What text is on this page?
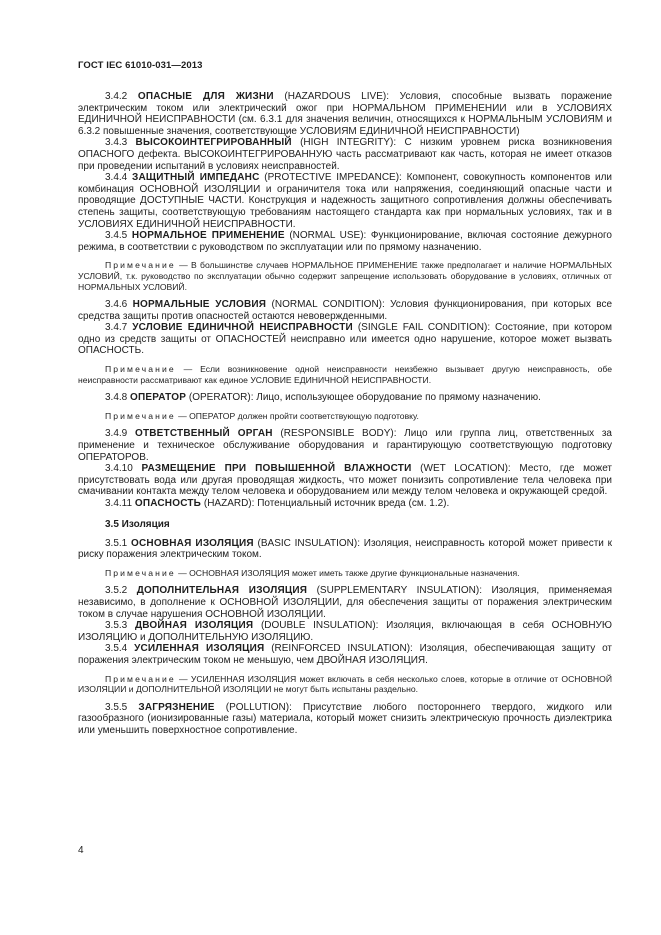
ГОСТ IEC 61010-031—2013

3.4.2 ОПАСНЫЕ ДЛЯ ЖИЗНИ (HAZARDOUS LIVE): Условия, способные вызвать поражение электрическим током или электрический ожог при НОРМАЛЬНОМ ПРИМЕНЕНИИ или в УСЛОВИЯХ ЕДИНИЧНОЙ НЕИСПРАВНОСТИ (см. 6.3.1 для значения величин, относящихся к НОРМАЛЬНЫМ УСЛОВИЯМ и 6.3.2 повышенные значения, соответствующие УСЛОВИЯМ ЕДИНИЧНОЙ НЕИСПРАВНОСТИ)

3.4.3 ВЫСОКОИНТЕГРИРОВАННЫЙ (HIGH INTEGRITY): С низким уровнем риска возникновения ОПАСНОГО дефекта. ВЫСОКОИНТЕГРИРОВАННУЮ часть рассматривают как часть, которая не имеет отказов при проведении испытаний в условиях неисправностей.

3.4.4 ЗАЩИТНЫЙ ИМПЕДАНС (PROTECTIVE IMPEDANCE): Компонент, совокупность компонентов или комбинация ОСНОВНОЙ ИЗОЛЯЦИИ и ограничителя тока или напряжения, соединяющий опасные части и проводящие ДОСТУПНЫЕ ЧАСТИ. Конструкция и надежность защитного сопротивления должны обеспечивать степень защиты, соответствующую требованиям настоящего стандарта как при нормальных условиях, так и в УСЛОВИЯХ ЕДИНИЧНОЙ НЕИСПРАВНОСТИ.

3.4.5 НОРМАЛЬНОЕ ПРИМЕНЕНИЕ (NORMAL USE): Функционирование, включая состояние дежурного режима, в соответствии с руководством по эксплуатации или по прямому назначению.

Примечание — В большинстве случаев НОРМАЛЬНОЕ ПРИМЕНЕНИЕ также предполагает и наличие НОРМАЛЬНЫХ УСЛОВИЙ, т.к. руководство по эксплуатации обычно содержит запрещение использовать оборудование в условиях, отличных от НОРМАЛЬНЫХ УСЛОВИЙ.

3.4.6 НОРМАЛЬНЫЕ УСЛОВИЯ (NORMAL CONDITION): Условия функционирования, при которых все средства защиты против опасностей остаются невовержденными.

3.4.7 УСЛОВИЕ ЕДИНИЧНОЙ НЕИСПРАВНОСТИ (SINGLE FAIL CONDITION): Состояние, при котором одно из средств защиты от ОПАСНОСТЕЙ неисправно или имеется одно нарушение, которое может вызвать ОПАСНОСТЬ.

Примечание — Если возникновение одной неисправности неизбежно вызывает другую неисправность, обе неисправности рассматривают как единое УСЛОВИЕ ЕДИНИЧНОЙ НЕИСПРАВНОСТИ.

3.4.8 ОПЕРАТОР (OPERATOR): Лицо, использующее оборудование по прямому назначению.

Примечание — ОПЕРАТОР должен пройти соответствующую подготовку.

3.4.9 ОТВЕТСТВЕННЫЙ ОРГАН (RESPONSIBLE BODY): Лицо или группа лиц, ответственных за применение и техническое обслуживание оборудования и гарантирующую соответствующую подготовку ОПЕРАТОРОВ.

3.4.10 РАЗМЕЩЕНИЕ ПРИ ПОВЫШЕННОЙ ВЛАЖНОСТИ (WET LOCATION): Место, где может присутствовать вода или другая проводящая жидкость, что может понизить сопротивление тела человека при смачивании контакта между телом человека и оборудованием или между телом человека и окружающей средой.

3.4.11 ОПАСНОСТЬ (HAZARD): Потенциальный источник вреда (см. 1.2).

3.5 Изоляция

3.5.1 ОСНОВНАЯ ИЗОЛЯЦИЯ (BASIC INSULATION): Изоляция, неисправность которой может привести к риску поражения электрическим током.

Примечание — ОСНОВНАЯ ИЗОЛЯЦИЯ может иметь также другие функциональные назначения.

3.5.2 ДОПОЛНИТЕЛЬНАЯ ИЗОЛЯЦИЯ (SUPPLEMENTARY INSULATION): Изоляция, применяемая независимо, в дополнение к ОСНОВНОЙ ИЗОЛЯЦИИ, для обеспечения защиты от поражения электрическим током в случае нарушения ОСНОВНОЙ ИЗОЛЯЦИИ.

3.5.3 ДВОЙНАЯ ИЗОЛЯЦИЯ (DOUBLE INSULATION): Изоляция, включающая в себя ОСНОВНУЮ ИЗОЛЯЦИЮ и ДОПОЛНИТЕЛЬНУЮ ИЗОЛЯЦИЮ.

3.5.4 УСИЛЕННАЯ ИЗОЛЯЦИЯ (REINFORCED INSULATION): Изоляция, обеспечивающая защиту от поражения электрическим током не меньшую, чем ДВОЙНАЯ ИЗОЛЯЦИЯ.

Примечание — УСИЛЕННАЯ ИЗОЛЯЦИЯ может включать в себя несколько слоев, которые в отличие от ОСНОВНОЙ ИЗОЛЯЦИИ и ДОПОЛНИТЕЛЬНОЙ ИЗОЛЯЦИИ не могут быть испытаны раздельно.

3.5.5 ЗАГРЯЗНЕНИЕ (POLLUTION): Присутствие любого постороннего твердого, жидкого или газообразного (ионизированные газы) материала, который может снизить электрическую прочность диэлектрика или уменьшить поверхностное сопротивление.

4
